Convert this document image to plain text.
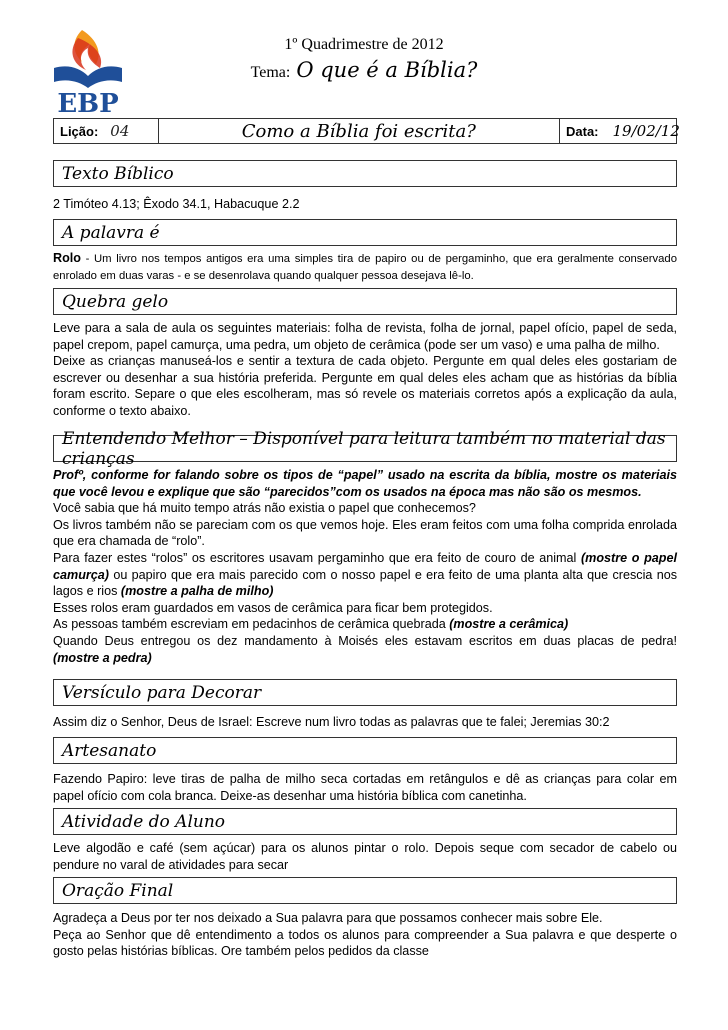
EBP
1º Quadrimestre de 2012
Tema: O que é a Bíblia?
Lição: 04	Como a Bíblia foi escrita?	Data: 19/02/12
Texto Bíblico
2 Timóteo 4.13; Êxodo 34.1, Habacuque 2.2
A palavra é
Rolo - Um livro nos tempos antigos era uma simples tira de papiro ou de pergaminho, que era geralmente conservado enrolado em duas varas - e se desenrolava quando qualquer pessoa desejava lê-lo.
Quebra gelo

Leve para a sala de aula os seguintes materiais: folha de revista, folha de jornal, papel ofício, papel de seda, papel crepom, papel camurça, uma pedra, um objeto de cerâmica (pode ser um vaso) e uma palha de milho.

Deixe as crianças manuseá-los e sentir a textura de cada objeto. Pergunte em qual deles eles gostariam de escrever ou desenhar a sua história preferida. Pergunte em qual deles eles acham que as histórias da bíblia foram escrito. Separe o que eles escolheram, mas só revele os materiais corretos após a explicação da aula, conforme o texto abaixo.

Entendendo Melhor – Disponível para leitura também no material das crianças

Profº, conforme for falando sobre os tipos de “papel” usado na escrita da bíblia, mostre os materiais que você levou e explique que são “parecidos”com os usados na época mas não são os mesmos.

Você sabia que há muito tempo atrás não existia o papel que conhecemos?

Os livros também não se pareciam com os que vemos hoje. Eles eram feitos com uma folha comprida enrolada que era chamada de “rolo”.

Para fazer estes “rolos” os escritores usavam pergaminho que era feito de couro de animal (mostre o papel camurça) ou papiro que era mais parecido com o nosso papel e era feito de uma planta alta que crescia nos lagos e rios (mostre a palha de milho)

Esses rolos eram guardados em vasos de cerâmica para ficar bem protegidos.

As pessoas também escreviam em pedacinhos de cerâmica quebrada (mostre a cerâmica)

Quando Deus entregou os dez mandamento à Moisés eles estavam escritos em duas placas de pedra! (mostre a pedra)

Versículo para Decorar
Assim diz o Senhor, Deus de Israel: Escreve num livro todas as palavras que te falei; Jeremias 30:2
Artesanato
Fazendo Papiro: leve tiras de palha de milho seca cortadas em retângulos e dê as crianças para colar em papel ofício com cola branca. Deixe-as desenhar uma história bíblica com canetinha.
Atividade do Aluno
Leve algodão e café (sem açúcar) para os alunos pintar o rolo. Depois seque com secador de cabelo ou pendure no varal de atividades para secar
Oração Final

Agradeça a Deus por ter nos deixado a Sua palavra para que possamos conhecer mais sobre Ele.

Peça ao Senhor que dê entendimento a todos os alunos para compreender a Sua palavra e que desperte o gosto pelas histórias bíblicas. Ore também pelos pedidos da classe
